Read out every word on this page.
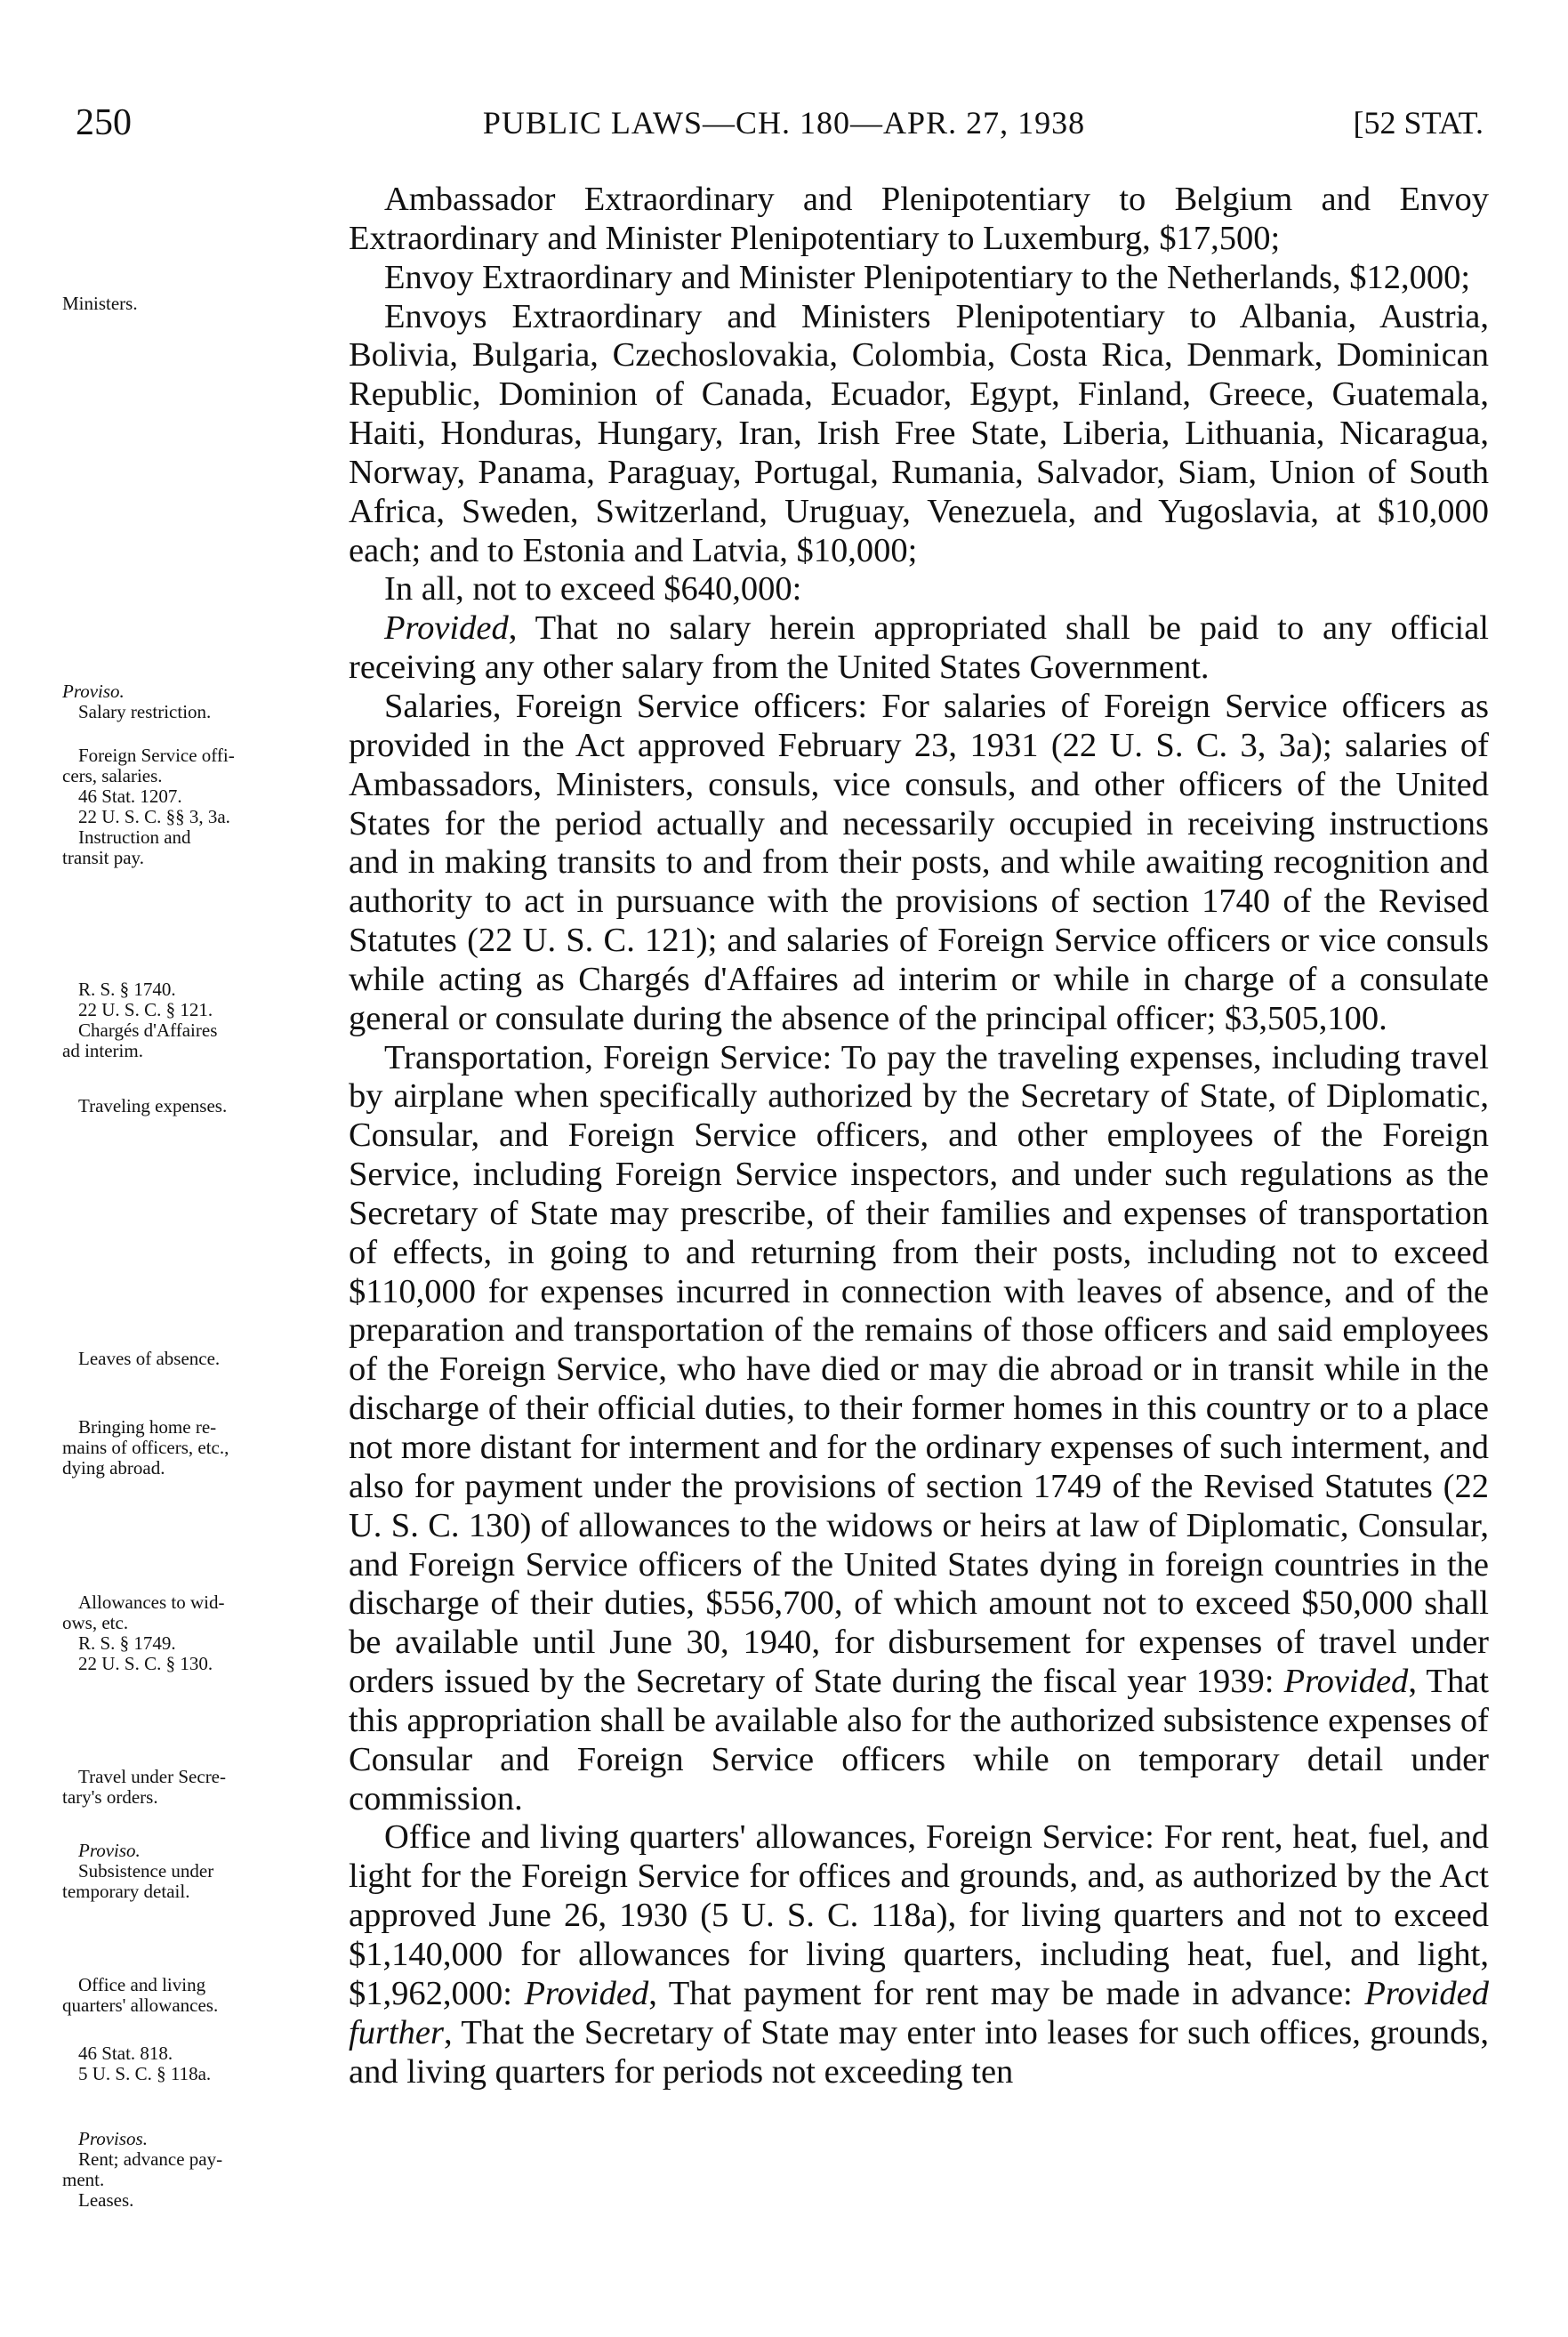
250	PUBLIC LAWS—CH. 180—APR. 27, 1938	[52 STAT.
Ministers.
Proviso.
Salary restriction.
Foreign Service offi-
cers, salaries.
46 Stat. 1207.
22 U. S. C. §§ 3, 3a.
Instruction and
transit pay.
R. S. § 1740.
22 U. S. C. § 121.
Chargés d'Affaires
ad interim.
Traveling expenses.
Leaves of absence.
Bringing home re-
mains of officers, etc.,
dying abroad.
Allowances to wid-
ows, etc.
R. S. § 1749.
22 U. S. C. § 130.
Travel under Secre-
tary's orders.
Proviso.
Subsistence under
temporary detail.
Office and living
quarters' allowances.
46 Stat. 818.
5 U. S. C. § 118a.
Provisos.
Rent; advance pay-
ment.
Leases.

Ambassador Extraordinary and Plenipotentiary to Belgium and Envoy Extraordinary and Minister Plenipotentiary to Luxemburg, $17,500;

Envoy Extraordinary and Minister Plenipotentiary to the Netherlands, $12,000;

Envoys Extraordinary and Ministers Plenipotentiary to Albania, Austria, Bolivia, Bulgaria, Czechoslovakia, Colombia, Costa Rica, Denmark, Dominican Republic, Dominion of Canada, Ecuador, Egypt, Finland, Greece, Guatemala, Haiti, Honduras, Hungary, Iran, Irish Free State, Liberia, Lithuania, Nicaragua, Norway, Panama, Paraguay, Portugal, Rumania, Salvador, Siam, Union of South Africa, Sweden, Switzerland, Uruguay, Venezuela, and Yugoslavia, at $10,000 each; and to Estonia and Latvia, $10,000;

In all, not to exceed $640,000:

Provided, That no salary herein appropriated shall be paid to any official receiving any other salary from the United States Government.

Salaries, Foreign Service officers: For salaries of Foreign Service officers as provided in the Act approved February 23, 1931 (22 U. S. C. 3, 3a); salaries of Ambassadors, Ministers, consuls, vice consuls, and other officers of the United States for the period actually and necessarily occupied in receiving instructions and in making transits to and from their posts, and while awaiting recognition and authority to act in pursuance with the provisions of section 1740 of the Revised Statutes (22 U. S. C. 121); and salaries of Foreign Service officers or vice consuls while acting as Chargés d'Affaires ad interim or while in charge of a consulate general or consulate during the absence of the principal officer; $3,505,100.

Transportation, Foreign Service: To pay the traveling expenses, including travel by airplane when specifically authorized by the Secretary of State, of Diplomatic, Consular, and Foreign Service officers, and other employees of the Foreign Service, including Foreign Service inspectors, and under such regulations as the Secretary of State may prescribe, of their families and expenses of transportation of effects, in going to and returning from their posts, including not to exceed $110,000 for expenses incurred in connection with leaves of absence, and of the preparation and transportation of the remains of those officers and said employees of the Foreign Service, who have died or may die abroad or in transit while in the discharge of their official duties, to their former homes in this country or to a place not more distant for interment and for the ordinary expenses of such interment, and also for payment under the provisions of section 1749 of the Revised Statutes (22 U. S. C. 130) of allowances to the widows or heirs at law of Diplomatic, Consular, and Foreign Service officers of the United States dying in foreign countries in the discharge of their duties, $556,700, of which amount not to exceed $50,000 shall be available until June 30, 1940, for disbursement for expenses of travel under orders issued by the Secretary of State during the fiscal year 1939: Provided, That this appropriation shall be available also for the authorized subsistence expenses of Consular and Foreign Service officers while on temporary detail under commission.

Office and living quarters' allowances, Foreign Service: For rent, heat, fuel, and light for the Foreign Service for offices and grounds, and, as authorized by the Act approved June 26, 1930 (5 U. S. C. 118a), for living quarters and not to exceed $1,140,000 for allowances for living quarters, including heat, fuel, and light, $1,962,000: Provided, That payment for rent may be made in advance: Provided further, That the Secretary of State may enter into leases for such offices, grounds, and living quarters for periods not exceeding ten
